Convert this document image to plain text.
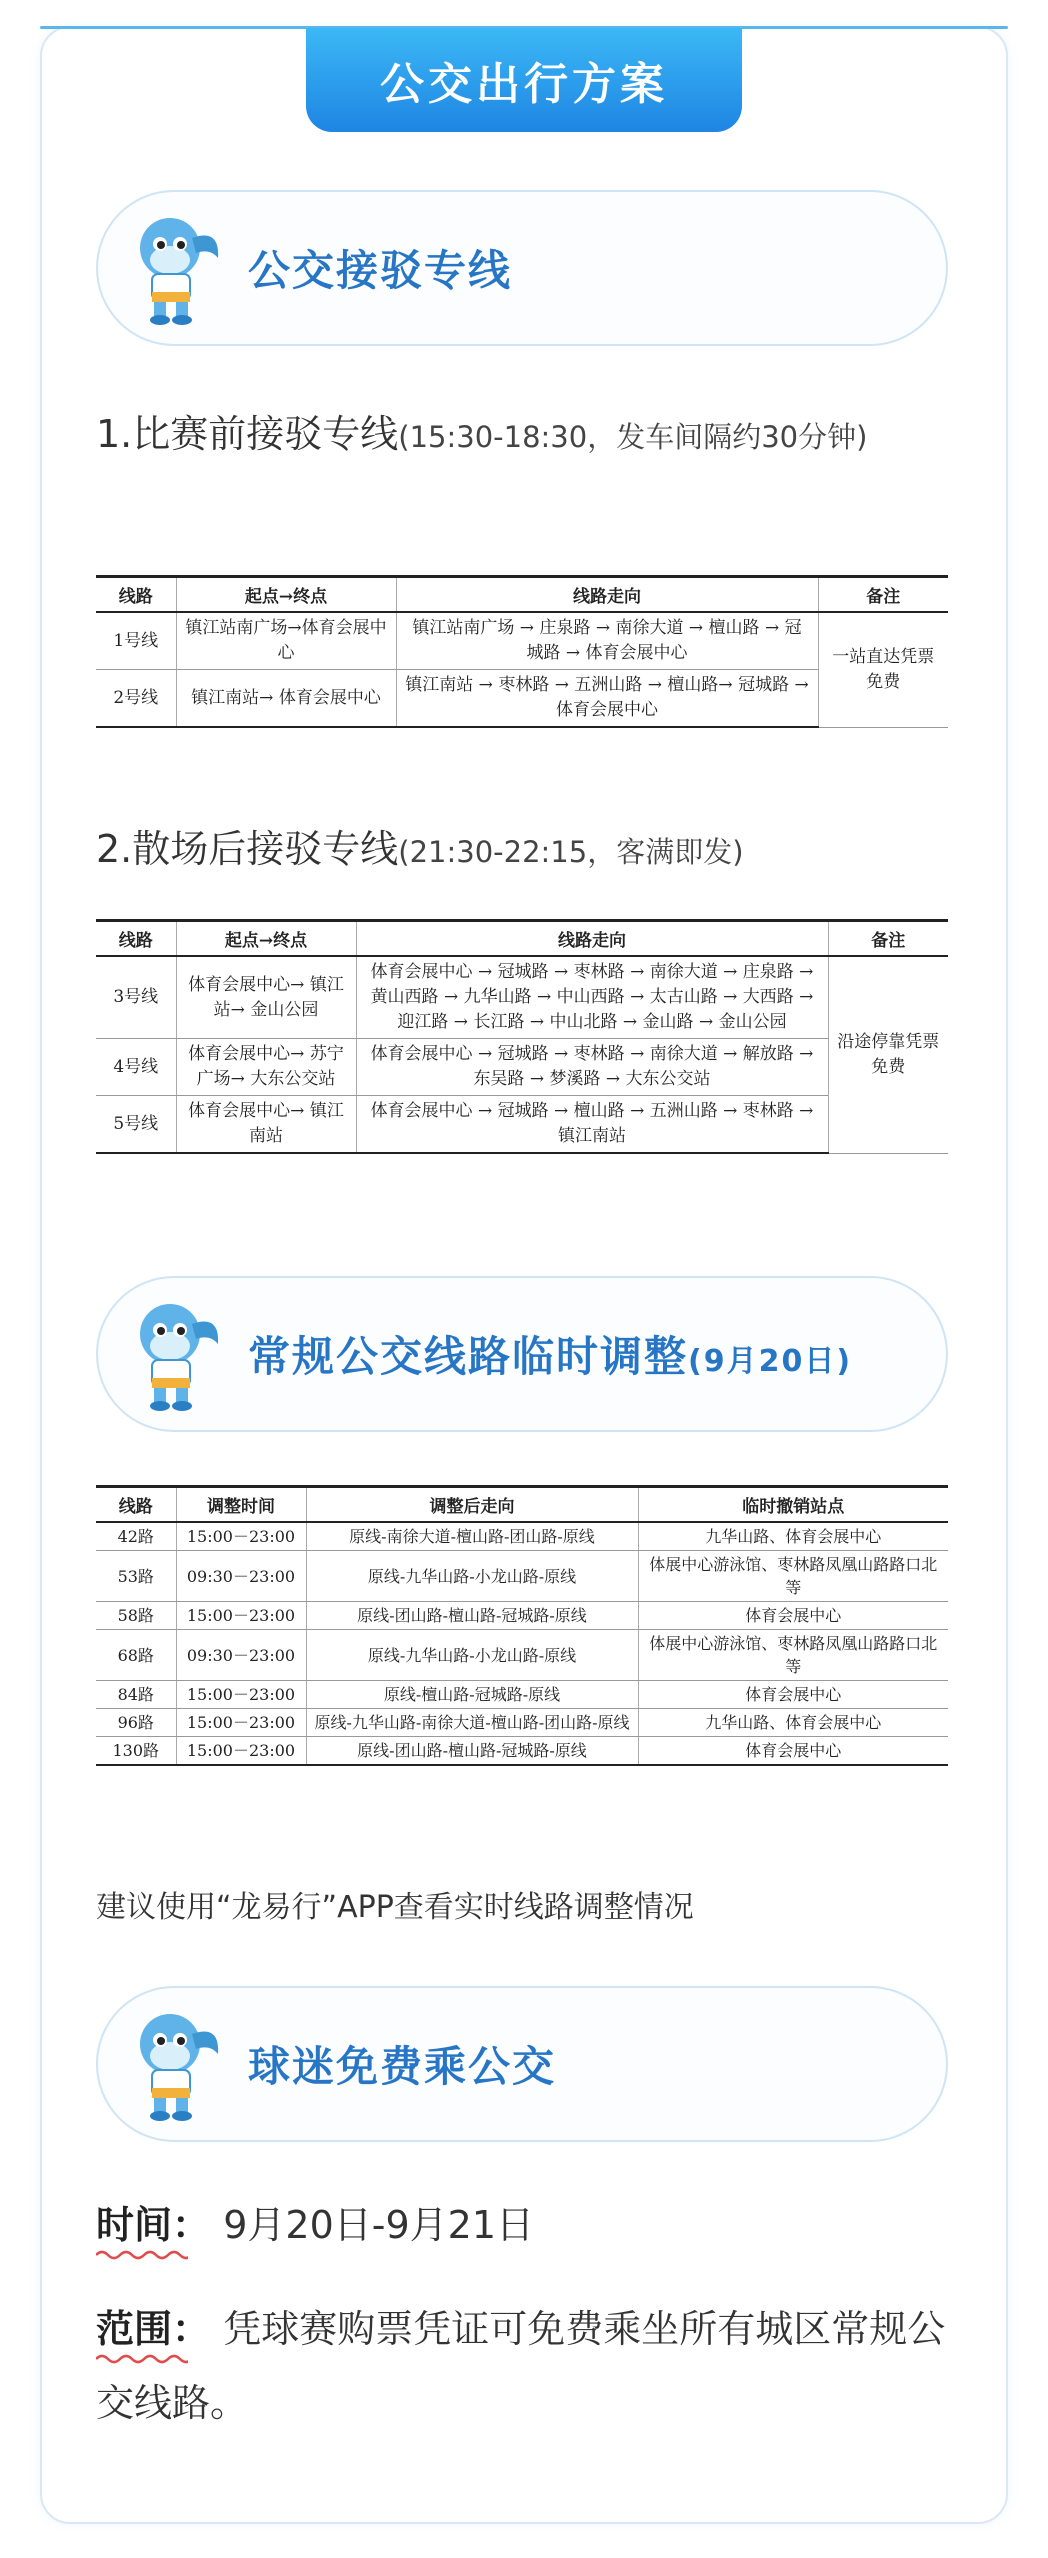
公交出行方案
公交接驳专线
1.比赛前接驳专线(15:30-18:30，发车间隔约30分钟)
线路	起点→终点	线路走向	备注
1号线	镇江站南广场→体育会展中心	镇江站南广场 → 庄泉路 → 南徐大道 → 檀山路 → 冠城路 → 体育会展中心	一站直达凭票免费
2号线	镇江南站→ 体育会展中心	镇江南站 → 枣林路 → 五洲山路 → 檀山路→ 冠城路 → 体育会展中心	
2.散场后接驳专线(21:30-22:15，客满即发)
线路	起点→终点	线路走向	备注
3号线	体育会展中心→ 镇江站→ 金山公园	体育会展中心 → 冠城路 → 枣林路 → 南徐大道 → 庄泉路 → 黄山西路 → 九华山路 → 中山西路 → 太古山路 → 大西路 → 迎江路 → 长江路 → 中山北路 → 金山路 → 金山公园	沿途停靠凭票免费
4号线	体育会展中心→ 苏宁广场→ 大东公交站	体育会展中心 → 冠城路 → 枣林路 → 南徐大道 → 解放路 → 东吴路 → 梦溪路 → 大东公交站	
5号线	体育会展中心→ 镇江南站	体育会展中心 → 冠城路 → 檀山路 → 五洲山路 → 枣林路 → 镇江南站	
常规公交线路临时调整(9月20日)
线路	调整时间	调整后走向	临时撤销站点
42路	15:00－23:00	原线-南徐大道-檀山路-团山路-原线	九华山路、体育会展中心
53路	09:30－23:00	原线-九华山路-小龙山路-原线	体展中心游泳馆、枣林路凤凰山路路口北等
58路	15:00－23:00	原线-团山路-檀山路-冠城路-原线	体育会展中心
68路	09:30－23:00	原线-九华山路-小龙山路-原线	体展中心游泳馆、枣林路凤凰山路路口北等
84路	15:00－23:00	原线-檀山路-冠城路-原线	体育会展中心
96路	15:00－23:00	原线-九华山路-南徐大道-檀山路-团山路-原线	九华山路、体育会展中心
130路	15:00－23:00	原线-团山路-檀山路-冠城路-原线	体育会展中心
建议使用“龙易行”APP查看实时线路调整情况
球迷免费乘公交
时间： 9月20日-9月21日
范围： 凭球赛购票凭证可免费乘坐所有城区常规公交线路。
